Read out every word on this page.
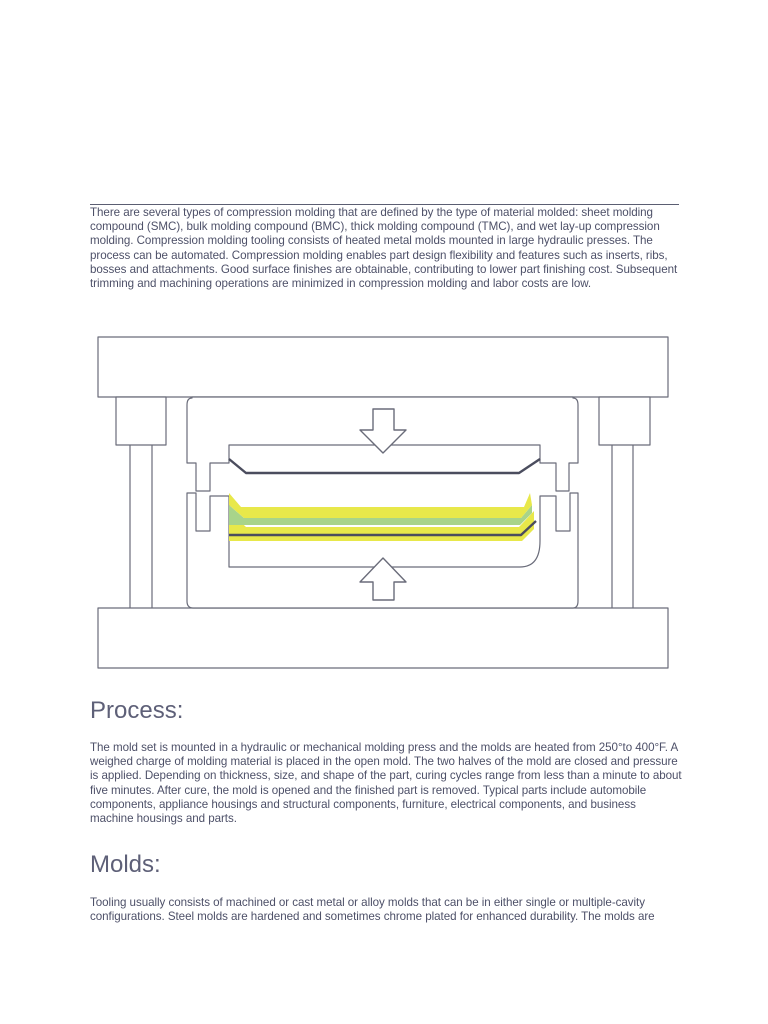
There are several types of compression molding that are defined by the type of material molded: sheet molding compound (SMC), bulk molding compound (BMC), thick molding compound (TMC), and wet lay-up compression molding. Compression molding tooling consists of heated metal molds mounted in large hydraulic presses. The process can be automated. Compression molding enables part design flexibility and features such as inserts, ribs, bosses and attachments. Good surface finishes are obtainable, contributing to lower part finishing cost. Subsequent trimming and machining operations are minimized in compression molding and labor costs are low.

Process:

The mold set is mounted in a hydraulic or mechanical molding press and the molds are heated from 250°to 400°F. A weighed charge of molding material is placed in the open mold. The two halves of the mold are closed and pressure is applied. Depending on thickness, size, and shape of the part, curing cycles range from less than a minute to about five minutes. After cure, the mold is opened and the finished part is removed. Typical parts include automobile components, appliance housings and structural components, furniture, electrical components, and business machine housings and parts.

Molds:

Tooling usually consists of machined or cast metal or alloy molds that can be in either single or multiple-cavity configurations. Steel molds are hardened and sometimes chrome plated for enhanced durability. The molds are
